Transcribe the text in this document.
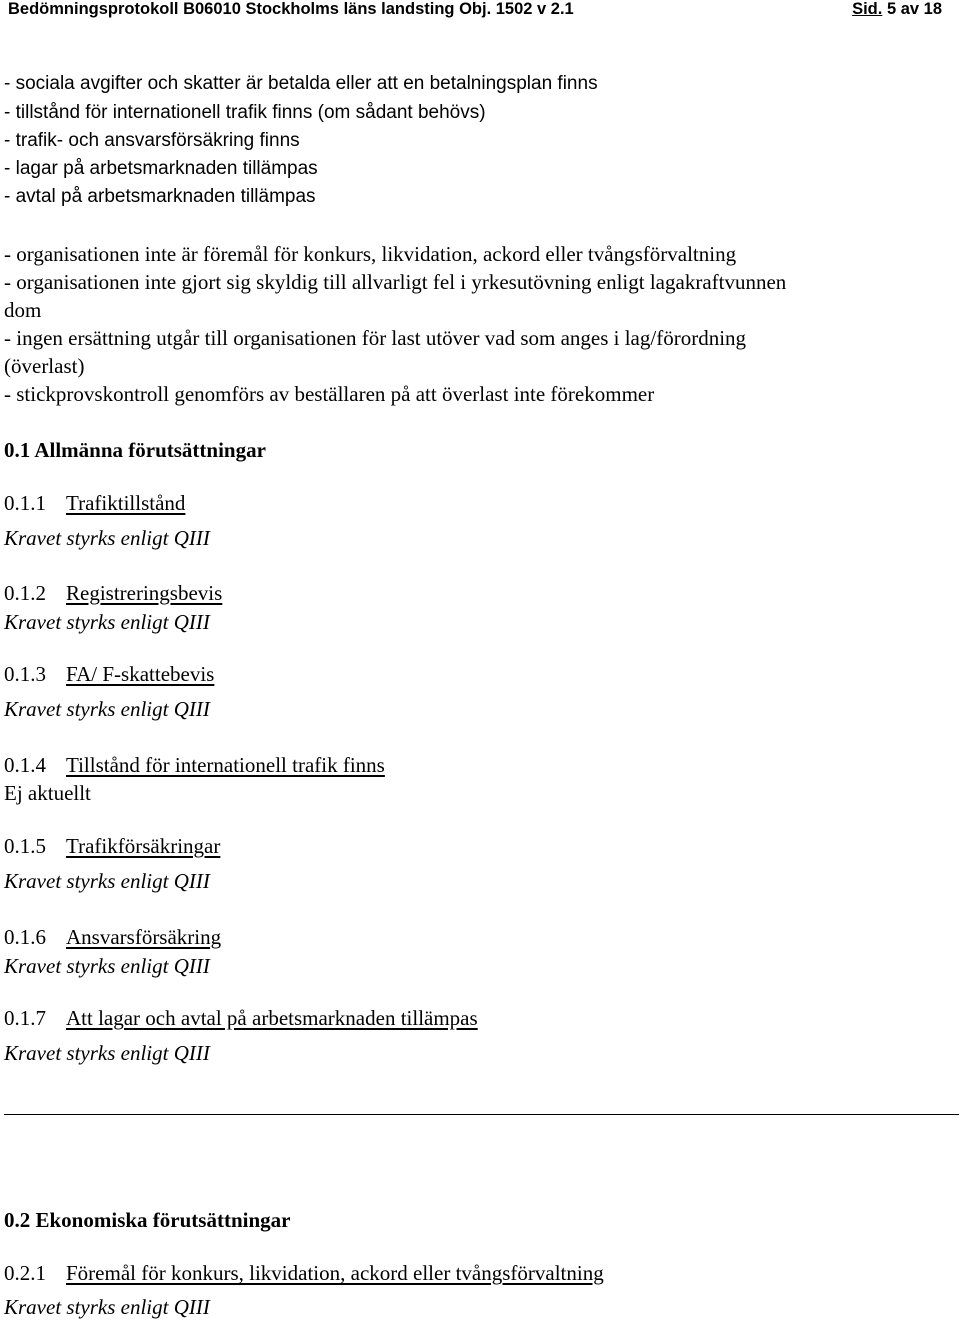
Bedömningsprotokoll B06010 Stockholms läns landsting Obj. 1502 v 2.1	Sid. 5 av 18
- sociala avgifter och skatter är betalda eller att en betalningsplan finns
- tillstånd för internationell trafik finns (om sådant behövs)
- trafik- och ansvarsförsäkring finns
- lagar på arbetsmarknaden tillämpas
- avtal på arbetsmarknaden tillämpas
- organisationen inte är föremål för konkurs, likvidation, ackord eller tvångsförvaltning
- organisationen inte gjort sig skyldig till allvarligt fel i yrkesutövning enligt lagakraftvunnen
dom
- ingen ersättning utgår till organisationen för last utöver vad som anges i lag/förordning
(överlast)
- stickprovskontroll genomförs av beställaren på att överlast inte förekommer
0.1 Allmänna förutsättningar
0.1.1 Trafiktillstånd
Kravet styrks enligt QIII
0.1.2 Registreringsbevis
Kravet styrks enligt QIII
0.1.3 FA/ F-skattebevis
Kravet styrks enligt QIII
0.1.4 Tillstånd för internationell trafik finns
Ej aktuellt
0.1.5 Trafikförsäkringar
Kravet styrks enligt QIII
0.1.6 Ansvarsförsäkring
Kravet styrks enligt QIII
0.1.7 Att lagar och avtal på arbetsmarknaden tillämpas
Kravet styrks enligt QIII
0.2 Ekonomiska förutsättningar
0.2.1 Föremål för konkurs, likvidation, ackord eller tvångsförvaltning
Kravet styrks enligt QIII
